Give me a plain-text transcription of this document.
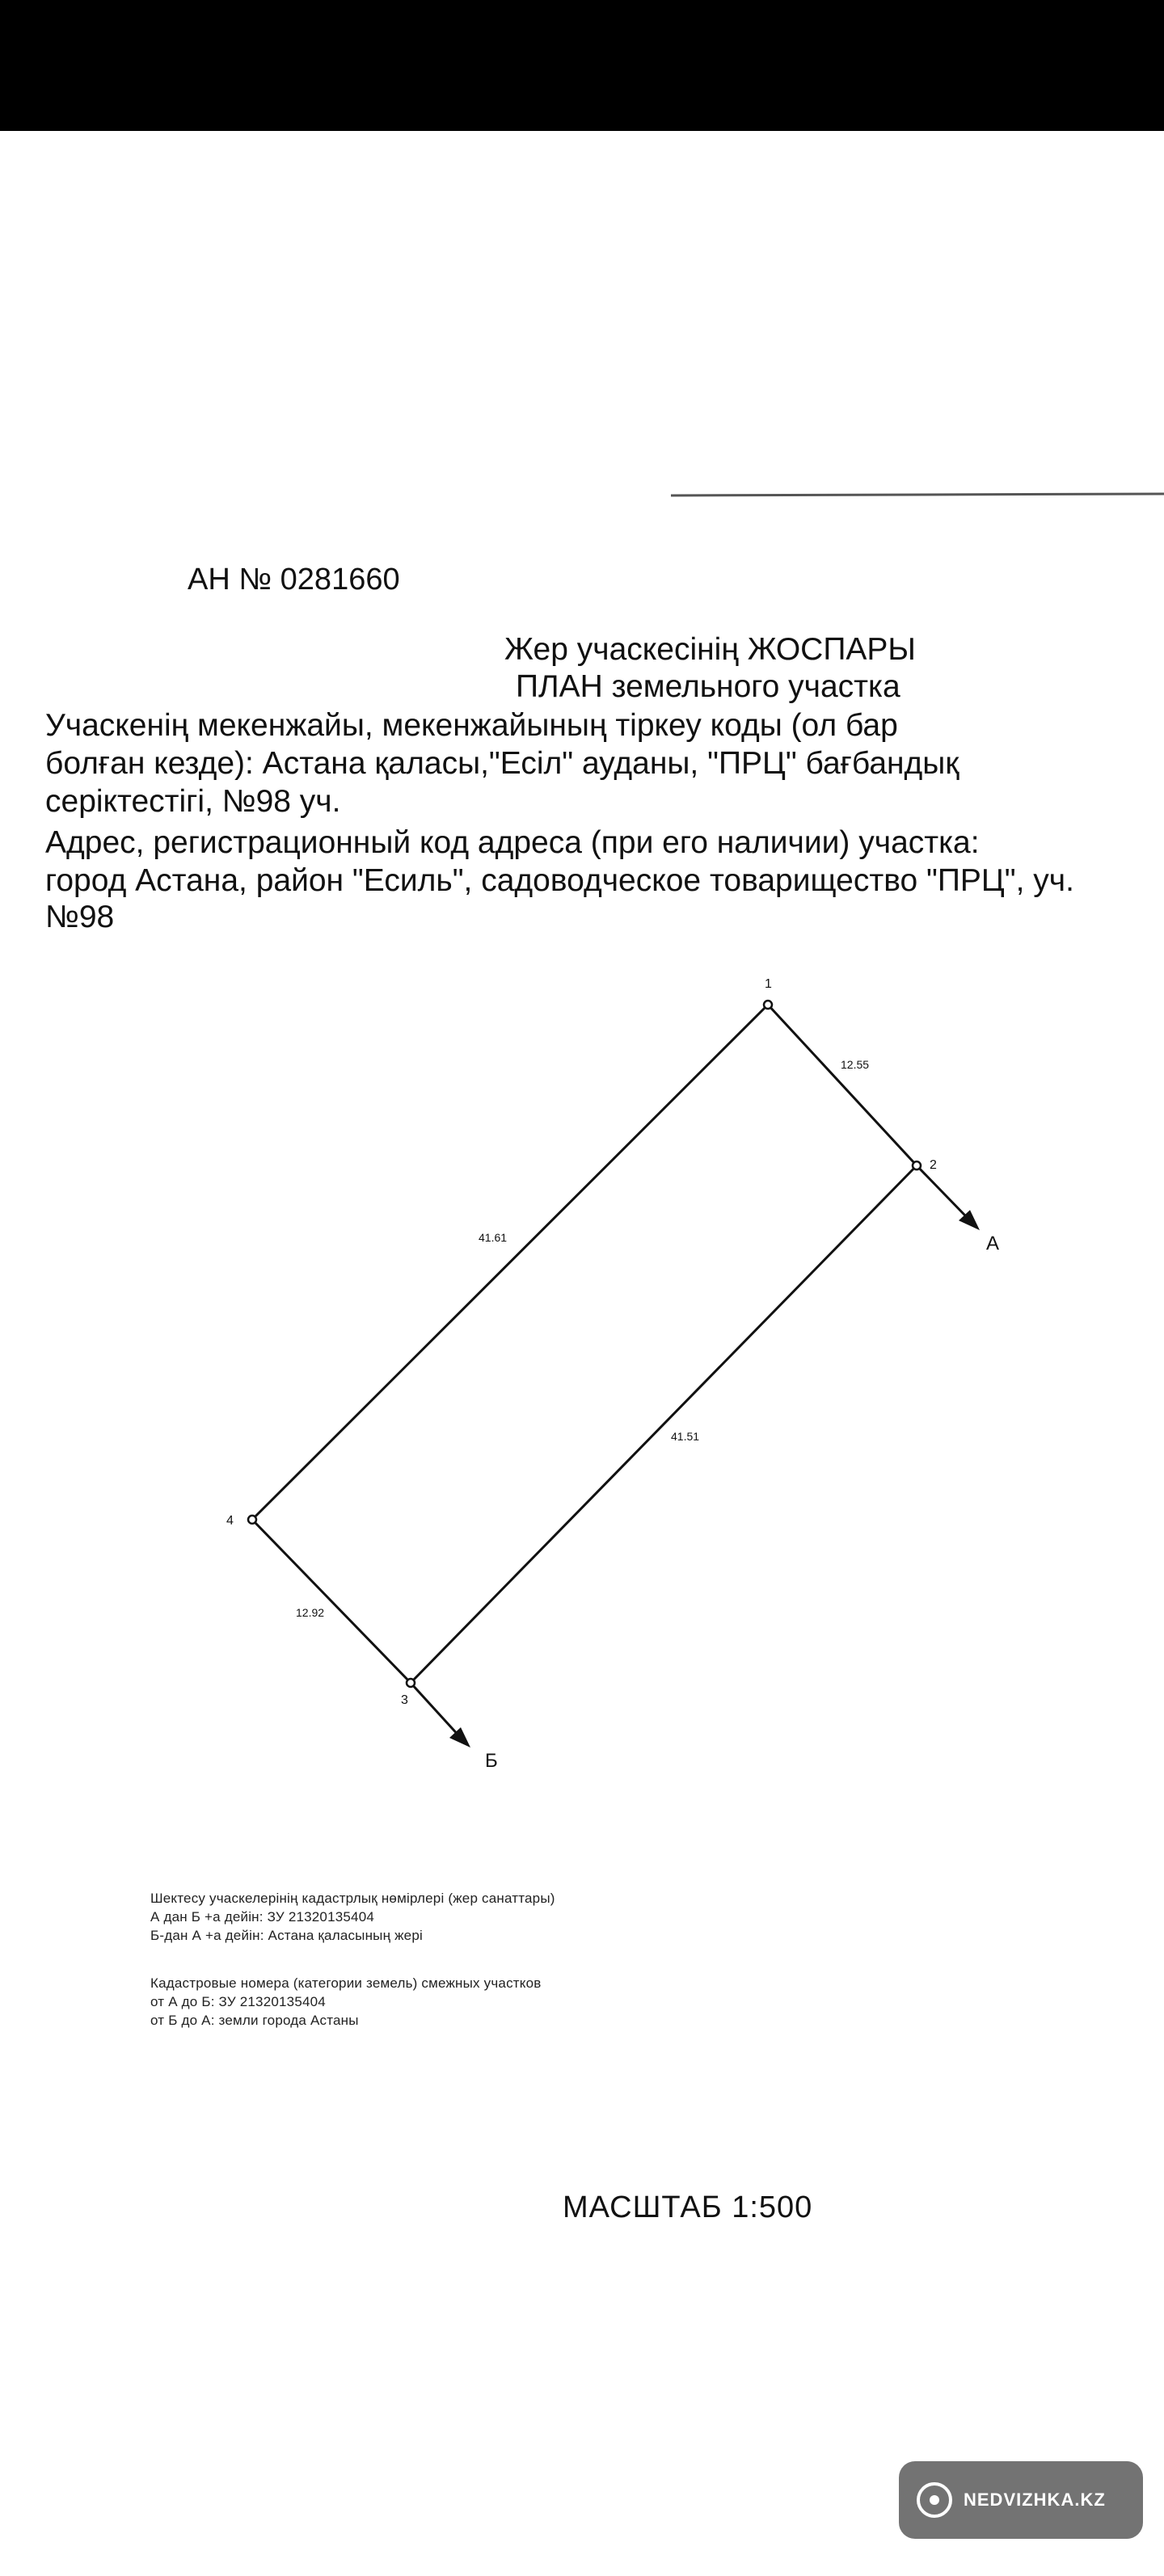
АН № 0281660
Жер учаскесінің ЖОСПАРЫ
ПЛАН земельного участка
Учаскенің мекенжайы, мекенжайының тіркеу коды (ол бар
болған кезде): Астана қаласы,"Есіл" ауданы, "ПРЦ" бағбандық
серіктестігі, №98 уч.
Адрес, регистрационный код адреса (при его наличии) участка:
город Астана, район "Есиль", садоводческое товарищество "ПРЦ", уч.
№98
1
2
3
4
12.55
41.61
41.51
12.92
А
Б
Шектесу учаскелерінің кадастрлық нөмірлері (жер санаттары)
А дан Б +а дейін: ЗУ 21320135404
Б-дан А +а дейін: Астана қаласының жері
Кадастровые номера (категории земель) смежных участков
от А до Б: ЗУ 21320135404
от Б до А: земли города Астаны
МАСШТАБ 1:500
NEDVIZHKA.KZ
